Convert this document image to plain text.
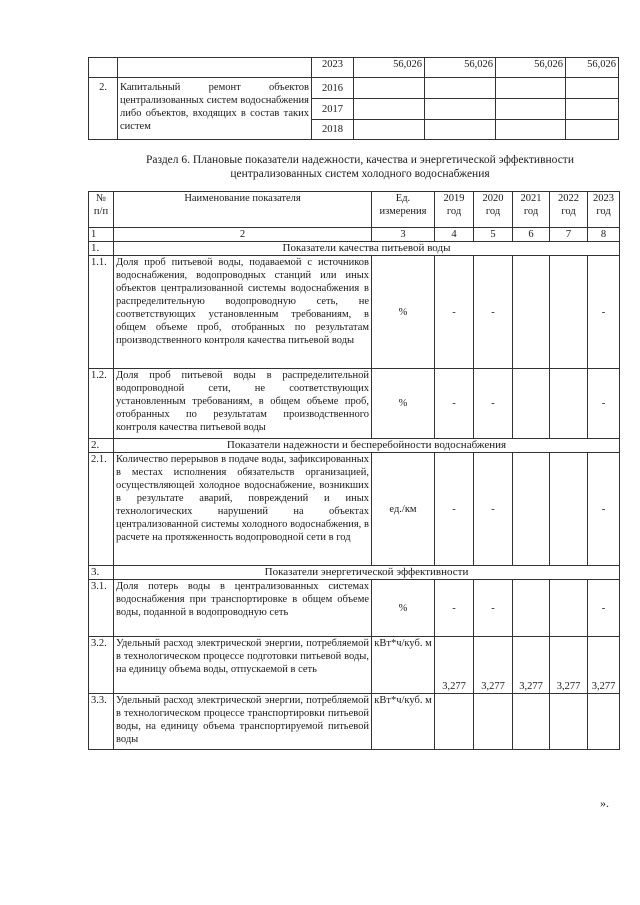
		2023	56,026	56,026	56,026	56,026
2.	Капитальный ремонт объектов централизованных систем водоснабжения либо объектов, входящих в состав таких систем	2016				
		2017				
		2018				
Раздел 6. Плановые показатели надежности, качества и энергетической эффективности
централизованных систем холодного водоснабжения
№ п/п	Наименование показателя	Ед. измерения	2019 год	2020 год	2021 год	2022 год	2023 год
1	2	3	4	5	6	7	8
1.	Показатели качества питьевой воды						
1.1.	Доля проб питьевой воды, подаваемой с источников водоснабжения, водопроводных станций или иных объектов централизованной системы водоснабжения в распределительную водопроводную сеть, не соответствующих установленным требованиям, в общем объеме проб, отобранных по результатам производственного контроля качества питьевой воды	%	-	-			-
1.2.	Доля проб питьевой воды в распределительной водопроводной сети, не соответствующих установленным требованиям, в общем объеме проб, отобранных по результатам производственного контроля качества питьевой воды	%	-	-			-
2.	Показатели надежности и бесперебойности водоснабжения						
2.1.	Количество перерывов в подаче воды, зафиксированных в местах исполнения обязательств организацией, осуществляющей холодное водоснабжение, возникших в результате аварий, повреждений и иных технологических нарушений на объектах централизованной системы холодного водоснабжения, в расчете на протяженность водопроводной сети в год	ед./км	-	-			-
3.	Показатели энергетической эффективности						
3.1.	Доля потерь воды в централизованных системах водоснабжения при транспортировке в общем объеме воды, поданной в водопроводную сеть	%	-	-			-
3.2.	Удельный расход электрической энергии, потребляемой в технологическом процессе подготовки питьевой воды, на единицу объема воды, отпускаемой в сеть	кВт*ч/куб. м	3,277	3,277	3,277	3,277	3,277
3.3.	Удельный расход электрической энергии, потребляемой в технологическом процессе транспортировки питьевой воды, на единицу объема транспортируемой питьевой воды	кВт*ч/куб. м					
».
